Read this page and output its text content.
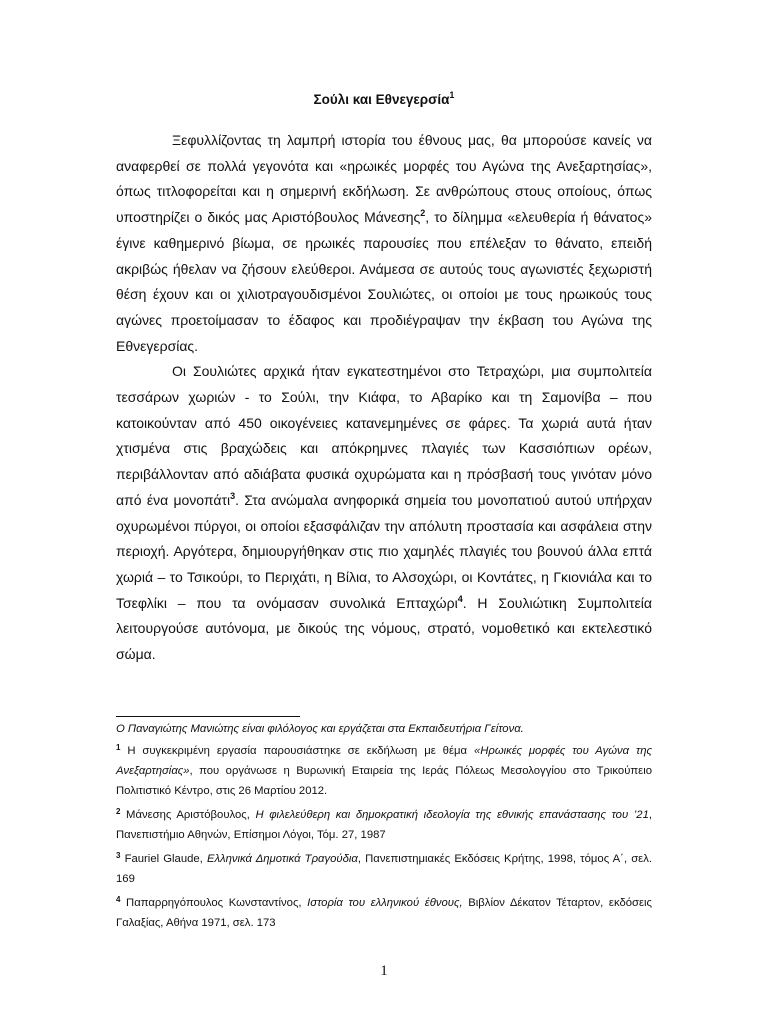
Σούλι και Εθνεγερσία$^1$

Ξεφυλλίζοντας τη λαμπρή ιστορία του έθνους μας, θα μπορούσε κανείς να αναφερθεί σε πολλά γεγονότα και «ηρωικές μορφές του Αγώνα της Ανεξαρτησίας», όπως τιτλοφορείται και η σημερινή εκδήλωση. Σε ανθρώπους στους οποίους, όπως υποστηρίζει ο δικός μας Αριστόβουλος Μάνεσης$^2$, το δίλημμα «ελευθερία ή θάνατος» έγινε καθημερινό βίωμα, σε ηρωικές παρουσίες που επέλεξαν το θάνατο, επειδή ακριβώς ήθελαν να ζήσουν ελεύθεροι. Ανάμεσα σε αυτούς τους αγωνιστές ξεχωριστή θέση έχουν και οι χιλιοτραγουδισμένοι Σουλιώτες, οι οποίοι με τους ηρωικούς τους αγώνες προετοίμασαν το έδαφος και προδιέγραψαν την έκβαση του Αγώνα της Εθνεγερσίας.

Οι Σουλιώτες αρχικά ήταν εγκατεστημένοι στο Τετραχώρι, μια συμπολιτεία τεσσάρων χωριών - το Σούλι, την Κιάφα, το Αβαρίκο και τη Σαμονίβα – που κατοικούνταν από 450 οικογένειες κατανεμημένες σε φάρες. Τα χωριά αυτά ήταν χτισμένα στις βραχώδεις και απόκρημνες πλαγιές των Κασσιόπιων ορέων, περιβάλλονταν από αδιάβατα φυσικά οχυρώματα και η πρόσβασή τους γινόταν μόνο από ένα μονοπάτι$^3$. Στα ανώμαλα ανηφορικά σημεία του μονοπατιού αυτού υπήρχαν οχυρωμένοι πύργοι, οι οποίοι εξασφάλιζαν την απόλυτη προστασία και ασφάλεια στην περιοχή. Αργότερα, δημιουργήθηκαν στις πιο χαμηλές πλαγιές του βουνού άλλα επτά χωριά – το Τσικούρι, το Περιχάτι, η Βίλια, το Αλσοχώρι, οι Κοντάτες, η Γκιονιάλα και το Τσεφλίκι – που τα ονόμασαν συνολικά Επταχώρι$^4$. Η Σουλιώτικη Συμπολιτεία λειτουργούσε αυτόνομα, με δικούς της νόμους, στρατό, νομοθετικό και εκτελεστικό σώμα.

Ο Παναγιώτης Μανιώτης είναι φιλόλογος και εργάζεται στα Εκπαιδευτήρια Γείτονα.

$^1$ Η συγκεκριμένη εργασία παρουσιάστηκε σε εκδήλωση με θέμα «Ηρωικές μορφές του Αγώνα της Ανεξαρτησίας», που οργάνωσε η Βυρωνική Εταιρεία της Ιεράς Πόλεως Μεσολογγίου στο Τρικούπειο Πολιτιστικό Κέντρο, στις 26 Μαρτίου 2012.

$^2$ Μάνεσης Αριστόβουλος, Η φιλελεύθερη και δημοκρατική ιδεολογία της εθνικής επανάστασης του ’21, Πανεπιστήμιο Αθηνών, Επίσημοι Λόγοι, Τόμ. 27, 1987

$^3$ Fauriel Glaude, Ελληνικά Δημοτικά Τραγούδια, Πανεπιστημιακές Εκδόσεις Κρήτης, 1998, τόμος Α΄, σελ. 169

$^4$ Παπαρρηγόπουλος Κωνσταντίνος, Ιστορία του ελληνικού έθνους, Βιβλίον Δέκατον Τέταρτον, εκδόσεις Γαλαξίας, Αθήνα 1971, σελ. 173

1
